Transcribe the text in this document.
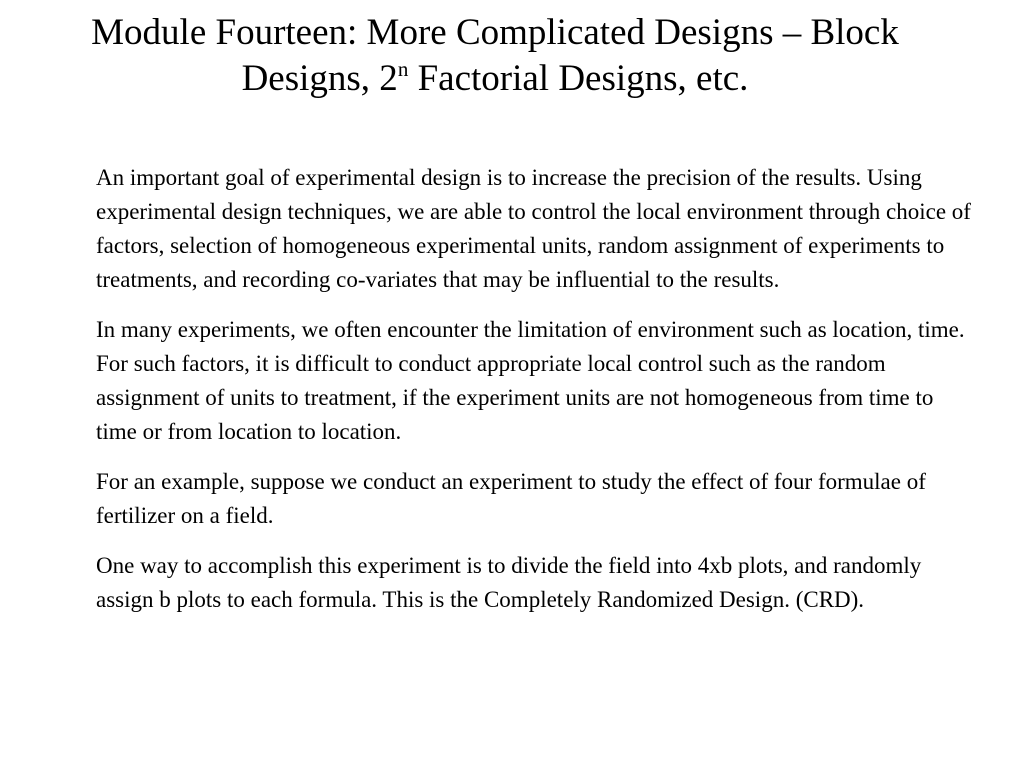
Module Fourteen: More Complicated Designs – Block Designs, 2$^n$ Factorial Designs, etc.

An important goal of experimental design is to increase the precision of the results. Using experimental design techniques, we are able to control the local environment through choice of factors, selection of homogeneous experimental units, random assignment of experiments to treatments, and recording co-variates that may be influential to the results.

In many experiments, we often encounter the limitation of environment such as location, time. For such factors, it is difficult to conduct appropriate local control such as the random assignment of units to treatment, if the experiment units are not homogeneous from time to time or from location to location.

For an example, suppose we conduct an experiment to study the effect of four formulae of fertilizer on a field.

One way to accomplish this experiment is to divide the field into 4xb plots, and randomly assign b plots to each formula. This is the Completely Randomized Design. (CRD).
